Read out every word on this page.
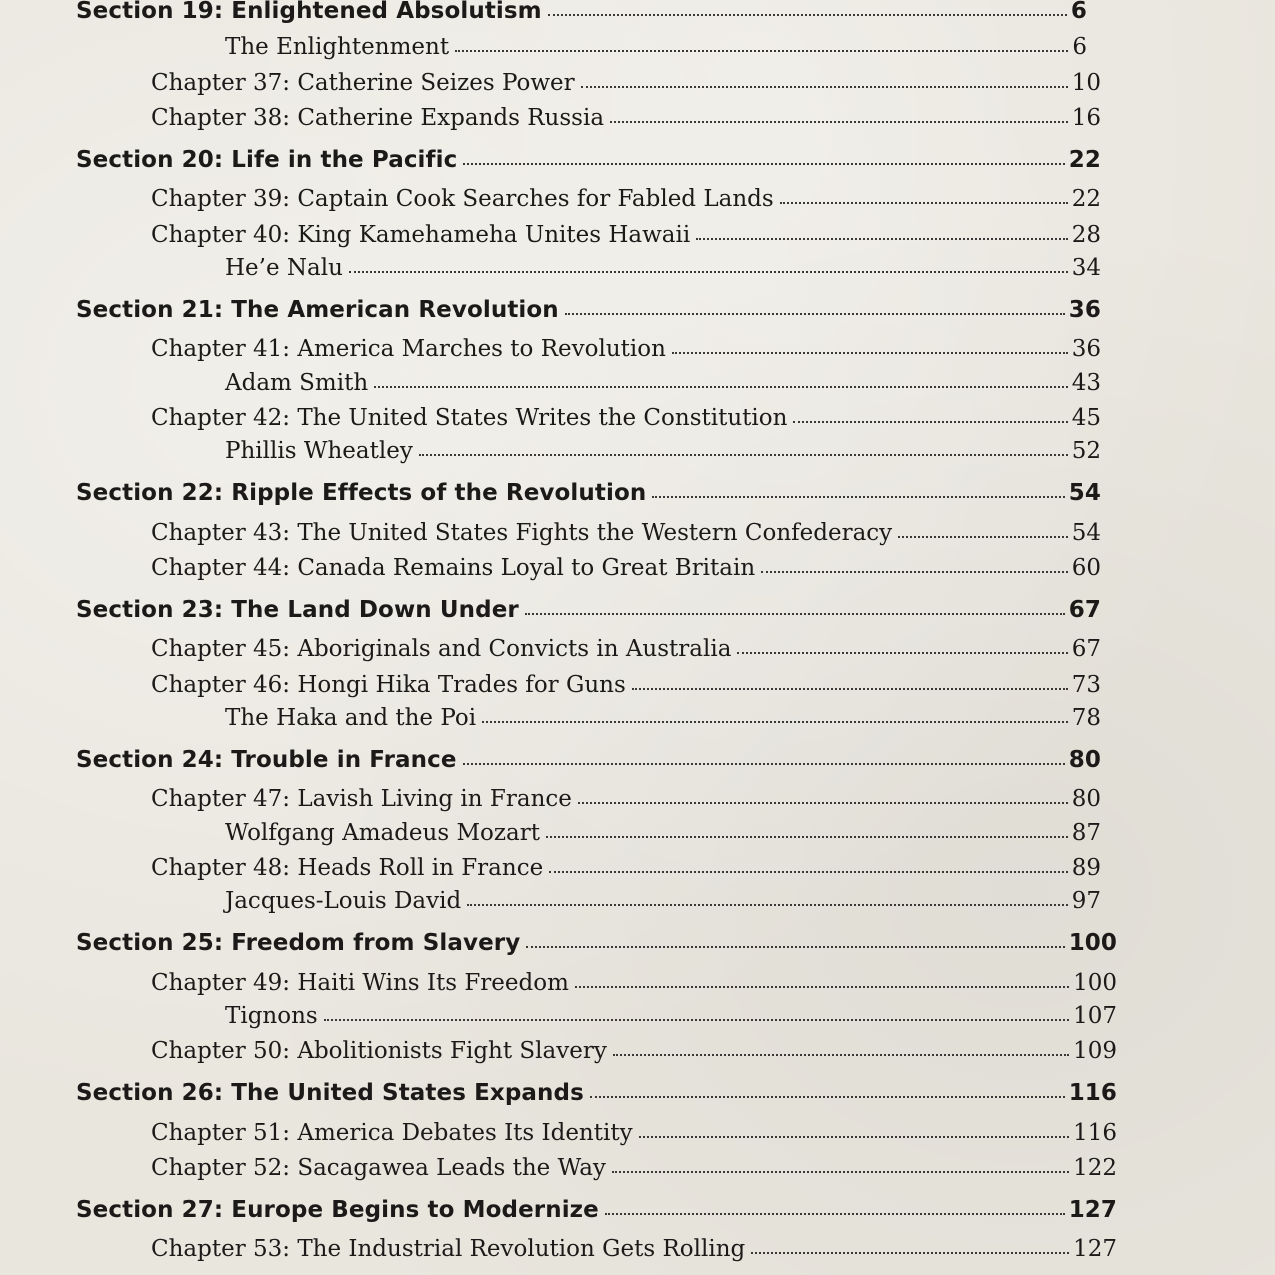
Section 19: Enlightened Absolutism	6
The Enlightenment	6
Chapter 37: Catherine Seizes Power	10
Chapter 38: Catherine Expands Russia	16
Section 20: Life in the Pacific	22
Chapter 39: Captain Cook Searches for Fabled Lands	22
Chapter 40: King Kamehameha Unites Hawaii	28
He’e Nalu	34
Section 21: The American Revolution	36
Chapter 41: America Marches to Revolution	36
Adam Smith	43
Chapter 42: The United States Writes the Constitution	45
Phillis Wheatley	52
Section 22: Ripple Effects of the Revolution	54
Chapter 43: The United States Fights the Western Confederacy	54
Chapter 44: Canada Remains Loyal to Great Britain	60
Section 23: The Land Down Under	67
Chapter 45: Aboriginals and Convicts in Australia	67
Chapter 46: Hongi Hika Trades for Guns	73
The Haka and the Poi	78
Section 24: Trouble in France	80
Chapter 47: Lavish Living in France	80
Wolfgang Amadeus Mozart	87
Chapter 48: Heads Roll in France	89
Jacques-Louis David	97
Section 25: Freedom from Slavery	100
Chapter 49: Haiti Wins Its Freedom	100
Tignons	107
Chapter 50: Abolitionists Fight Slavery	109
Section 26: The United States Expands	116
Chapter 51: America Debates Its Identity	116
Chapter 52: Sacagawea Leads the Way	122
Section 27: Europe Begins to Modernize	127
Chapter 53: The Industrial Revolution Gets Rolling	127
